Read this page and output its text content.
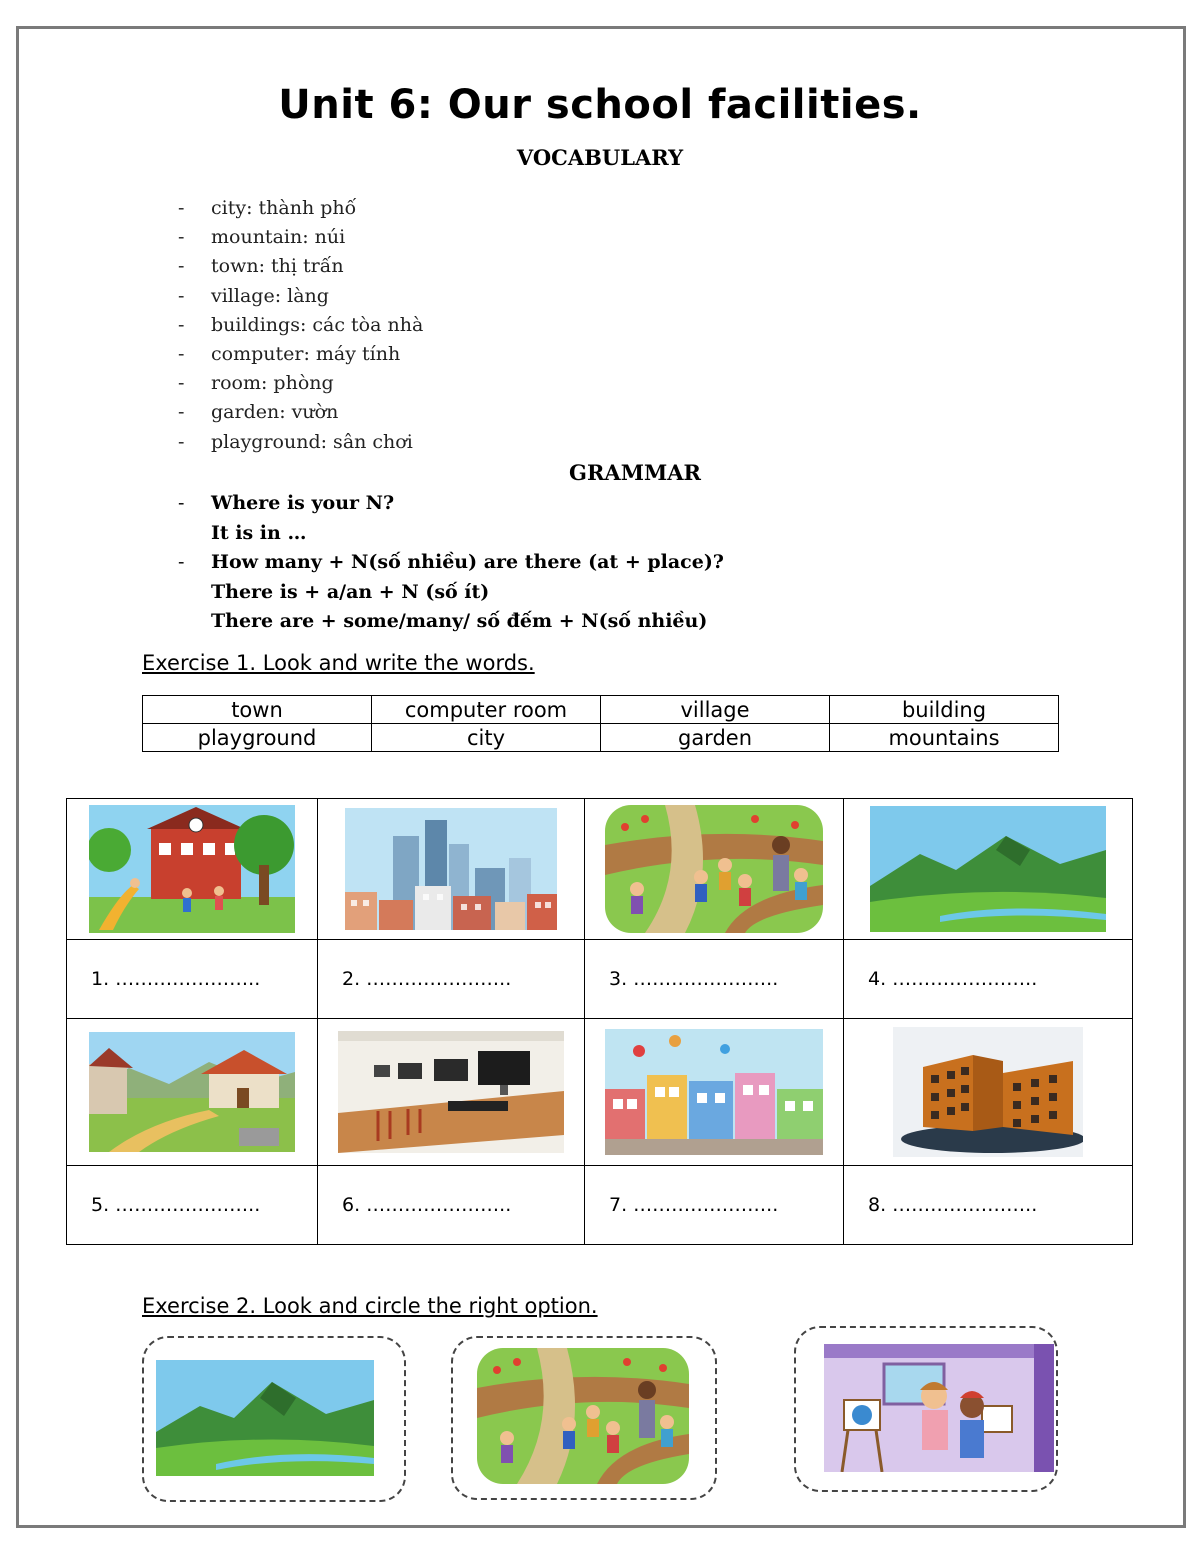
Unit 6: Our school facilities.
VOCABULARY
- city: thành phố
- mountain: núi
- town: thị trấn
- village: làng
- buildings: các tòa nhà
- computer: máy tính
- room: phòng
- garden: vườn
- playground: sân chơi
GRAMMAR
- Where is your N?
It is in …
- How many + N(số nhiều) are there (at + place)?
There is + a/an + N (số ít)
There are + some/many/ số đếm + N(số nhiều)
Exercise 1. Look and write the words.
town	computer room	village	building
playground	city	garden	mountains

1. …………………..	2. …………………..	3. …………………..	4. …………………..

5. …………………..	6. …………………..	7. …………………..	8. …………………..
Exercise 2. Look and circle the right option.
